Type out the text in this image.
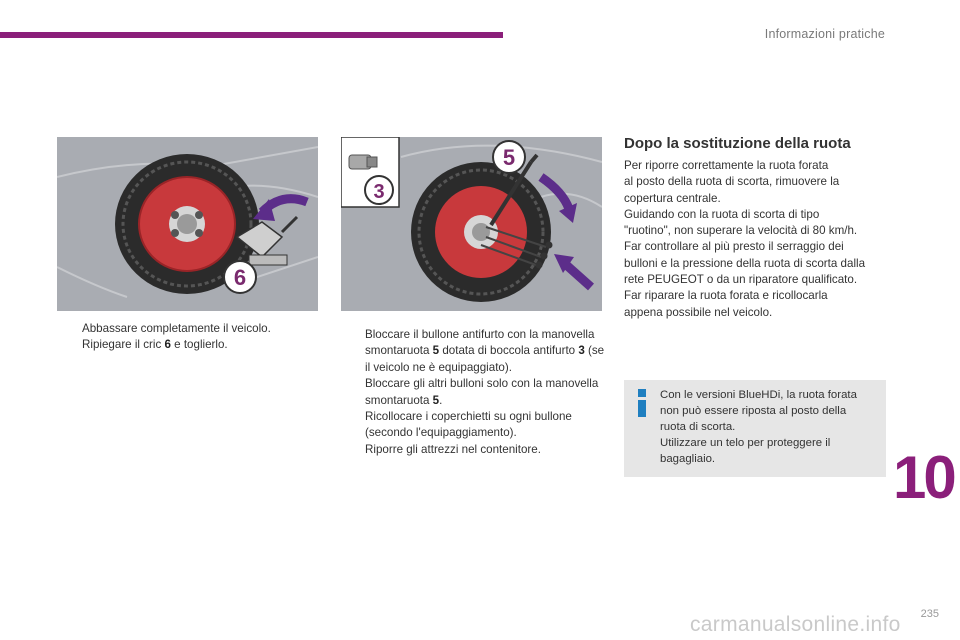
Informazioni pratiche
6
3
5
Abbassare completamente il veicolo.
Ripiegare il cric 6 e toglierlo.
Bloccare il bullone antifurto con la manovella smontaruota 5 dotata di boccola antifurto 3 (se il veicolo ne è equipaggiato).
Bloccare gli altri bulloni solo con la manovella smontaruota 5.
Ricollocare i coperchietti su ogni bullone (secondo l'equipaggiamento).
Riporre gli attrezzi nel contenitore.
Dopo la sostituzione della ruota
Per riporre correttamente la ruota forata
al posto della ruota di scorta, rimuovere la
copertura centrale.
Guidando con la ruota di scorta di tipo
"ruotino", non superare la velocità di 80 km/h.
Far controllare al più presto il serraggio dei
bulloni e la pressione della ruota di scorta dalla
rete PEUGEOT o da un riparatore qualificato.
Far riparare la ruota forata e ricollocarla
appena possibile nel veicolo.
Con le versioni BlueHDi, la ruota forata
non può essere riposta al posto della
ruota di scorta.
Utilizzare un telo per proteggere il
bagagliaio.	10
235
carmanualsonline.info
